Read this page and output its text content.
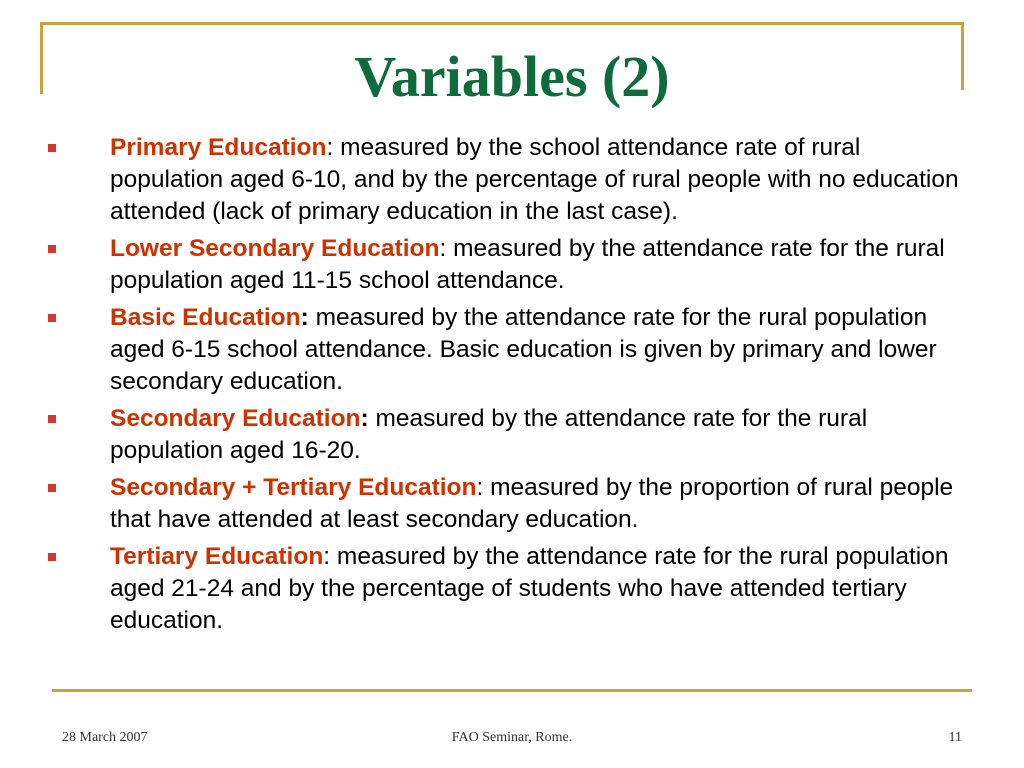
Variables (2)
Primary Education: measured by the school attendance rate of rural population aged 6-10, and by the percentage of rural people with no education attended (lack of primary education in the last case).
Lower Secondary Education: measured by the attendance rate for the rural population aged 11-15 school attendance.
Basic Education: measured by the attendance rate for the rural population aged 6-15 school attendance. Basic education is given by primary and lower secondary education.
Secondary Education: measured by the attendance rate for the rural population aged 16-20.
Secondary + Tertiary Education: measured by the proportion of rural people that have attended at least secondary education.
Tertiary Education: measured by the attendance rate for the rural population aged 21-24 and by the percentage of students who have attended tertiary education.
28 March 2007	FAO Seminar, Rome.	11
